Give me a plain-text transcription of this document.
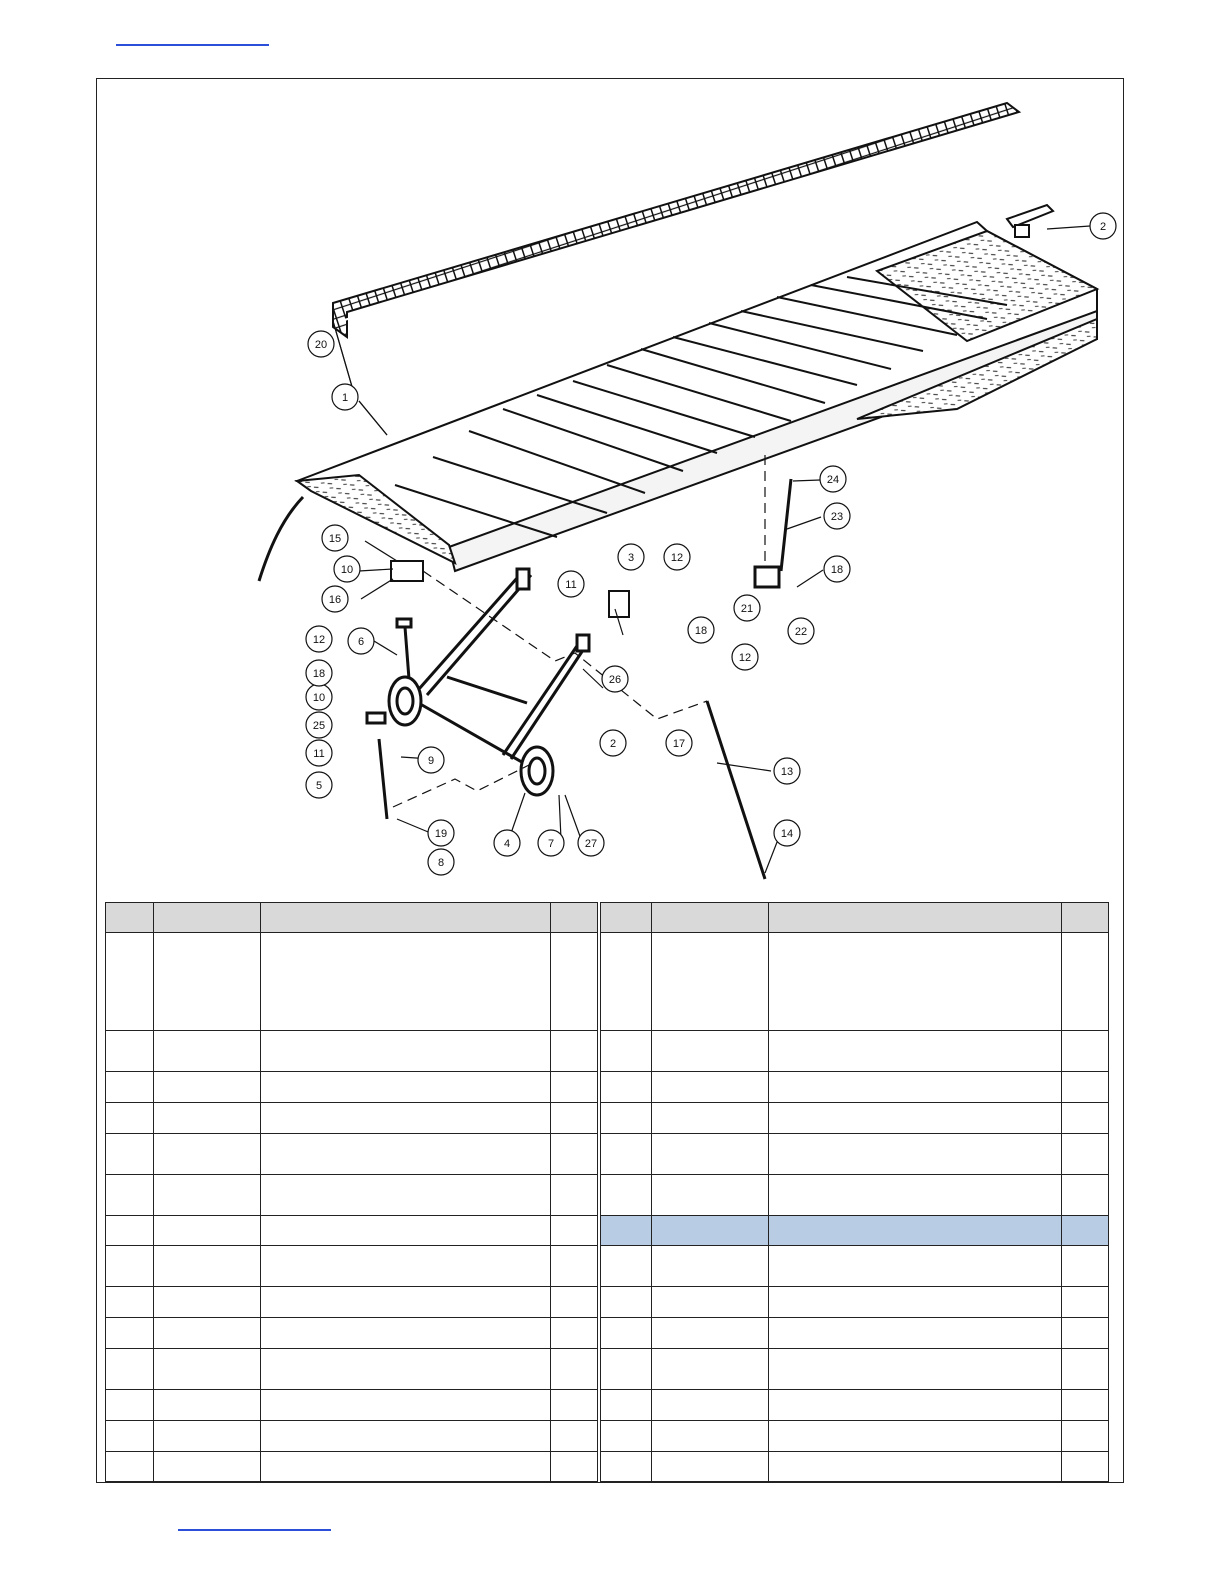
1
2
3
4
5
6
7
8
9
10
10
11
11
12
12
12
13
14
15
16
17
18
18
18
19
20
21
22
23
24
25
26
27
2
